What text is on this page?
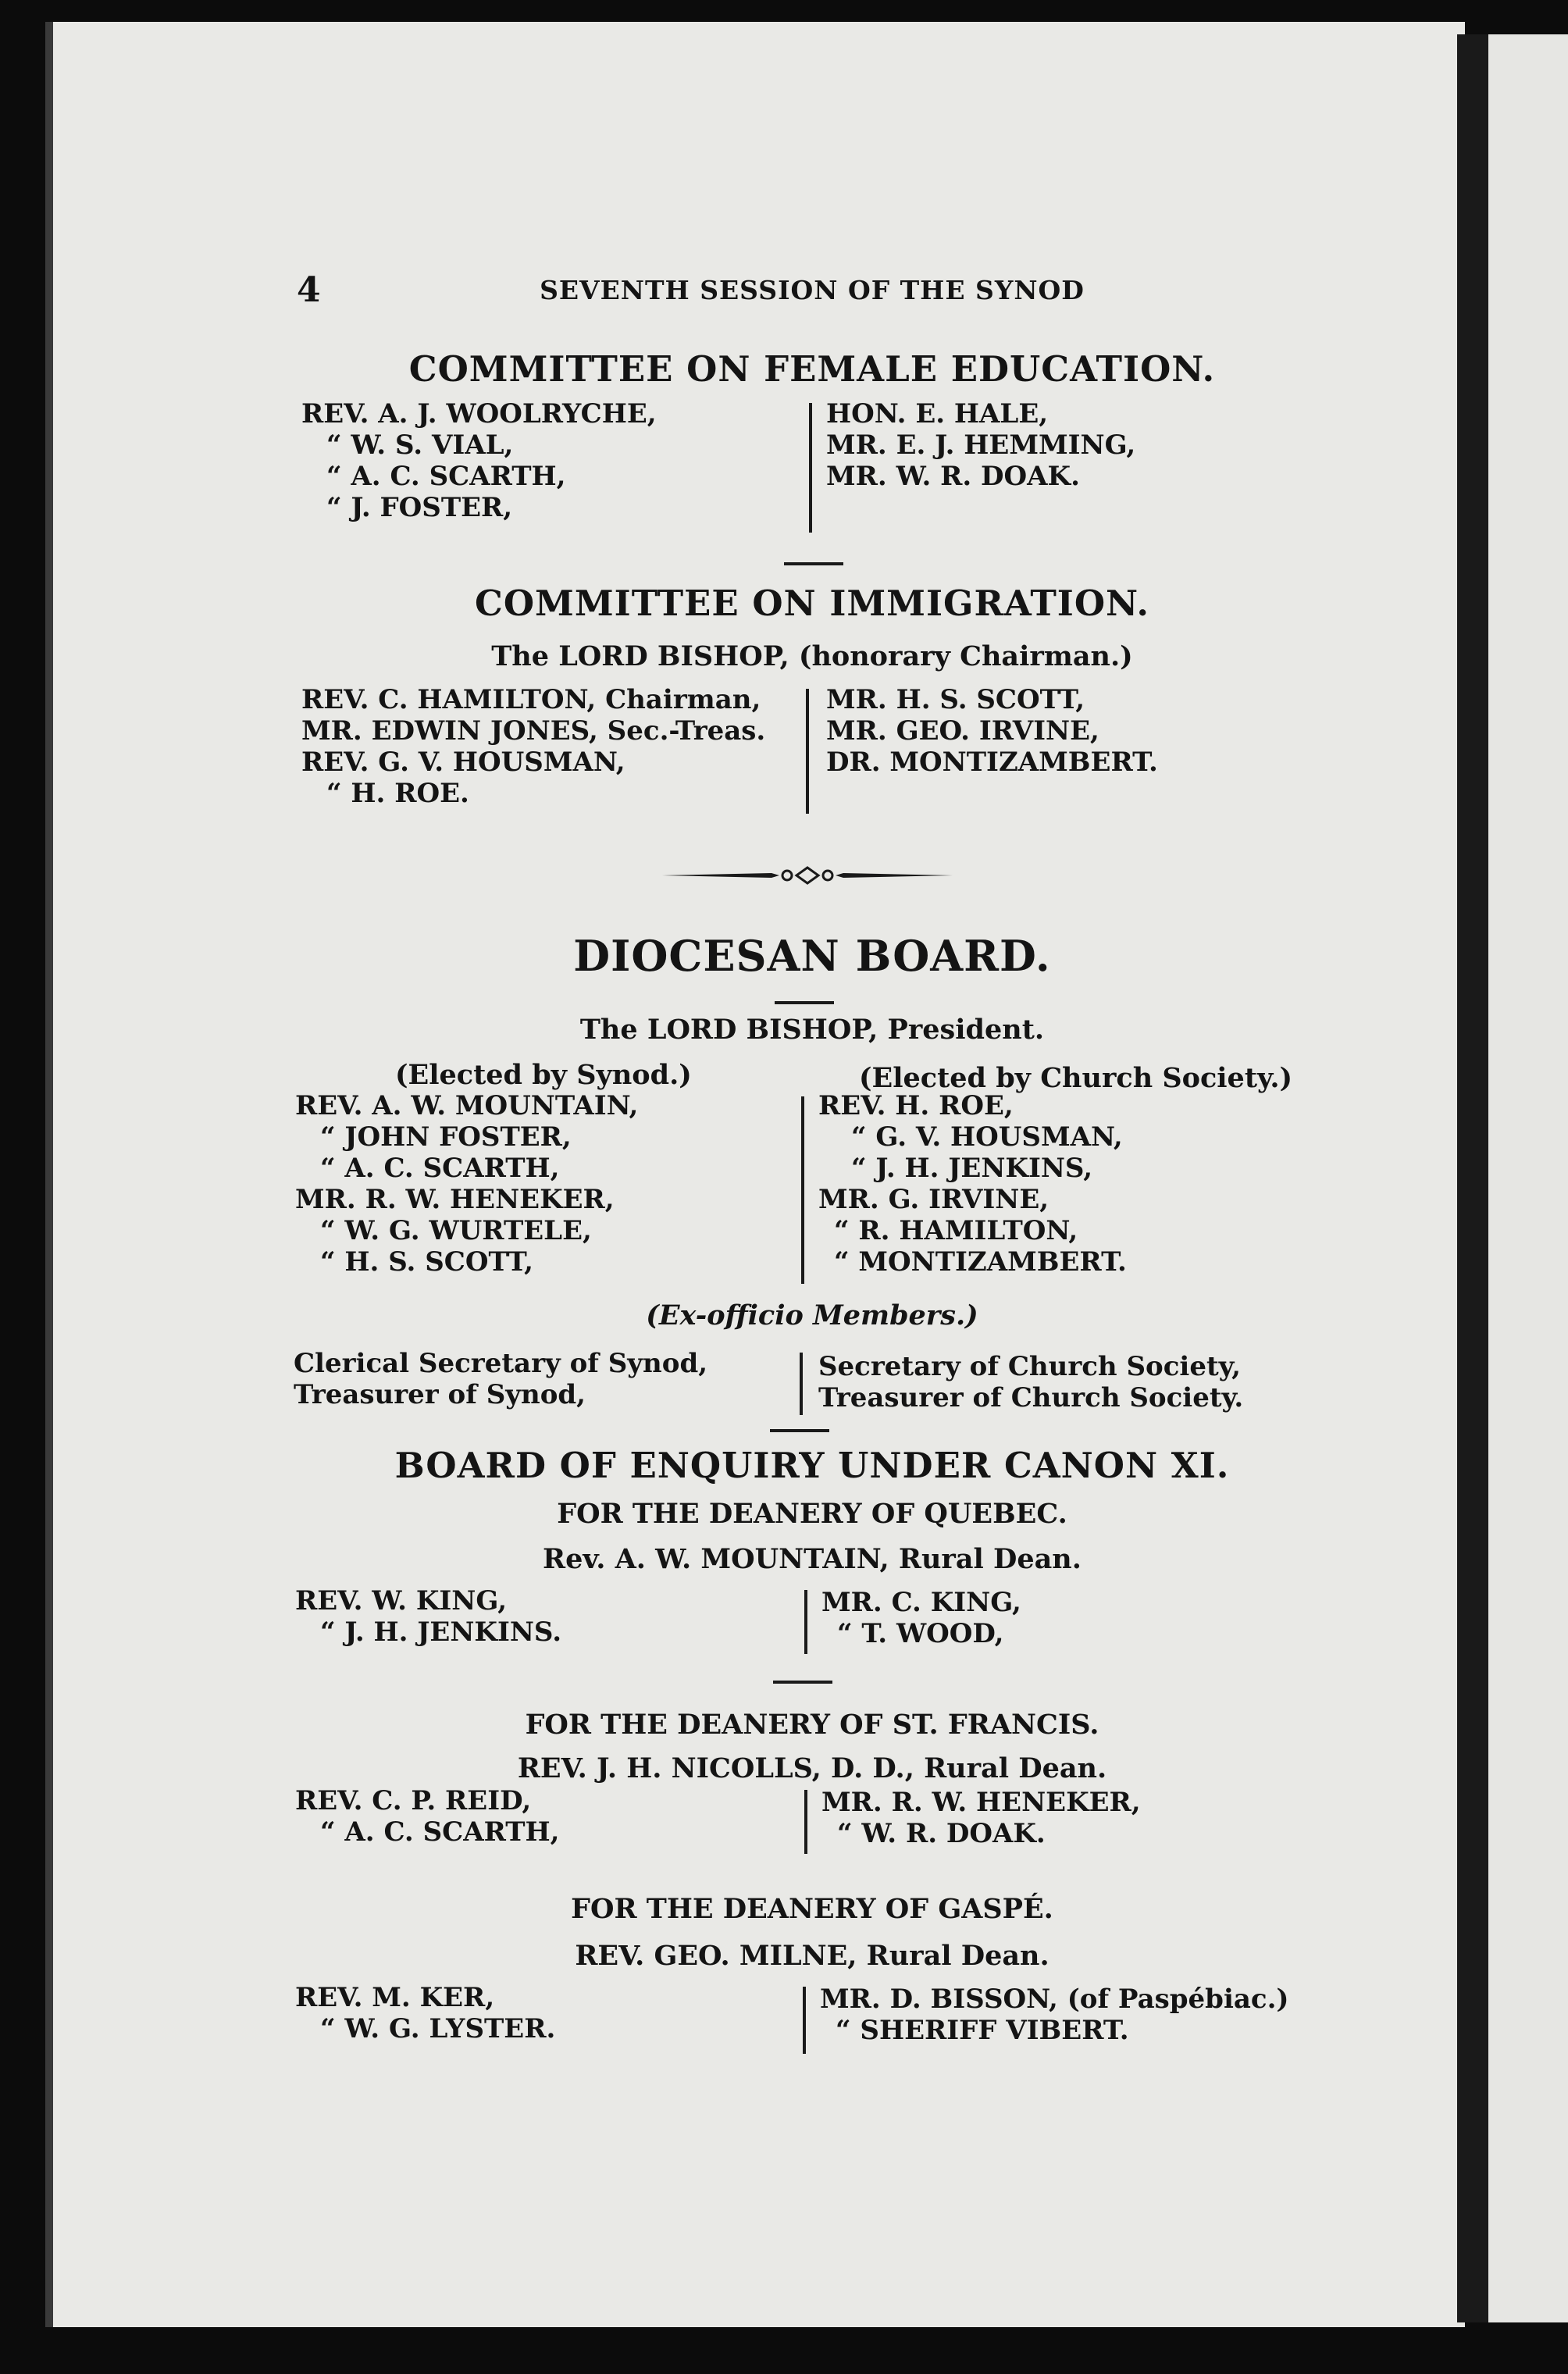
4	SEVENTH SESSION OF THE SYNOD
COMMITTEE ON FEMALE EDUCATION.
REV. A. J. WOOLRYCHE,
“ W. S. VIAL,
“ A. C. SCARTH,
“ J. FOSTER,
HON. E. HALE,
MR. E. J. HEMMING,
MR. W. R. DOAK.
COMMITTEE ON IMMIGRATION.
The LORD BISHOP, (honorary Chairman.)
REV. C. HAMILTON, Chairman,
MR. EDWIN JONES, Sec.-Treas.
REV. G. V. HOUSMAN,
“ H. ROE.
MR. H. S. SCOTT,
MR. GEO. IRVINE,
DR. MONTIZAMBERT.
DIOCESAN BOARD.
The LORD BISHOP, President.
(Elected by Synod.)	(Elected by Church Society.)
REV. A. W. MOUNTAIN,
“ JOHN FOSTER,
“ A. C. SCARTH,
MR. R. W. HENEKER,
“ W. G. WURTELE,
“ H. S. SCOTT,
REV. H. ROE,
“ G. V. HOUSMAN,
“ J. H. JENKINS,
MR. G. IRVINE,
“ R. HAMILTON,
“ MONTIZAMBERT.
(Ex-officio Members.)
Clerical Secretary of Synod,
Treasurer of Synod,
Secretary of Church Society,
Treasurer of Church Society.
BOARD OF ENQUIRY UNDER CANON XI.
FOR THE DEANERY OF QUEBEC.
Rev. A. W. MOUNTAIN, Rural Dean.
REV. W. KING,
“ J. H. JENKINS.
MR. C. KING,
“ T. WOOD,
FOR THE DEANERY OF ST. FRANCIS.
REV. J. H. NICOLLS, D. D., Rural Dean.
REV. C. P. REID,
“ A. C. SCARTH,
MR. R. W. HENEKER,
“ W. R. DOAK.
FOR THE DEANERY OF GASPÉ.
REV. GEO. MILNE, Rural Dean.
REV. M. KER,
“ W. G. LYSTER.
MR. D. BISSON, (of Paspébiac.)
“ SHERIFF VIBERT.
